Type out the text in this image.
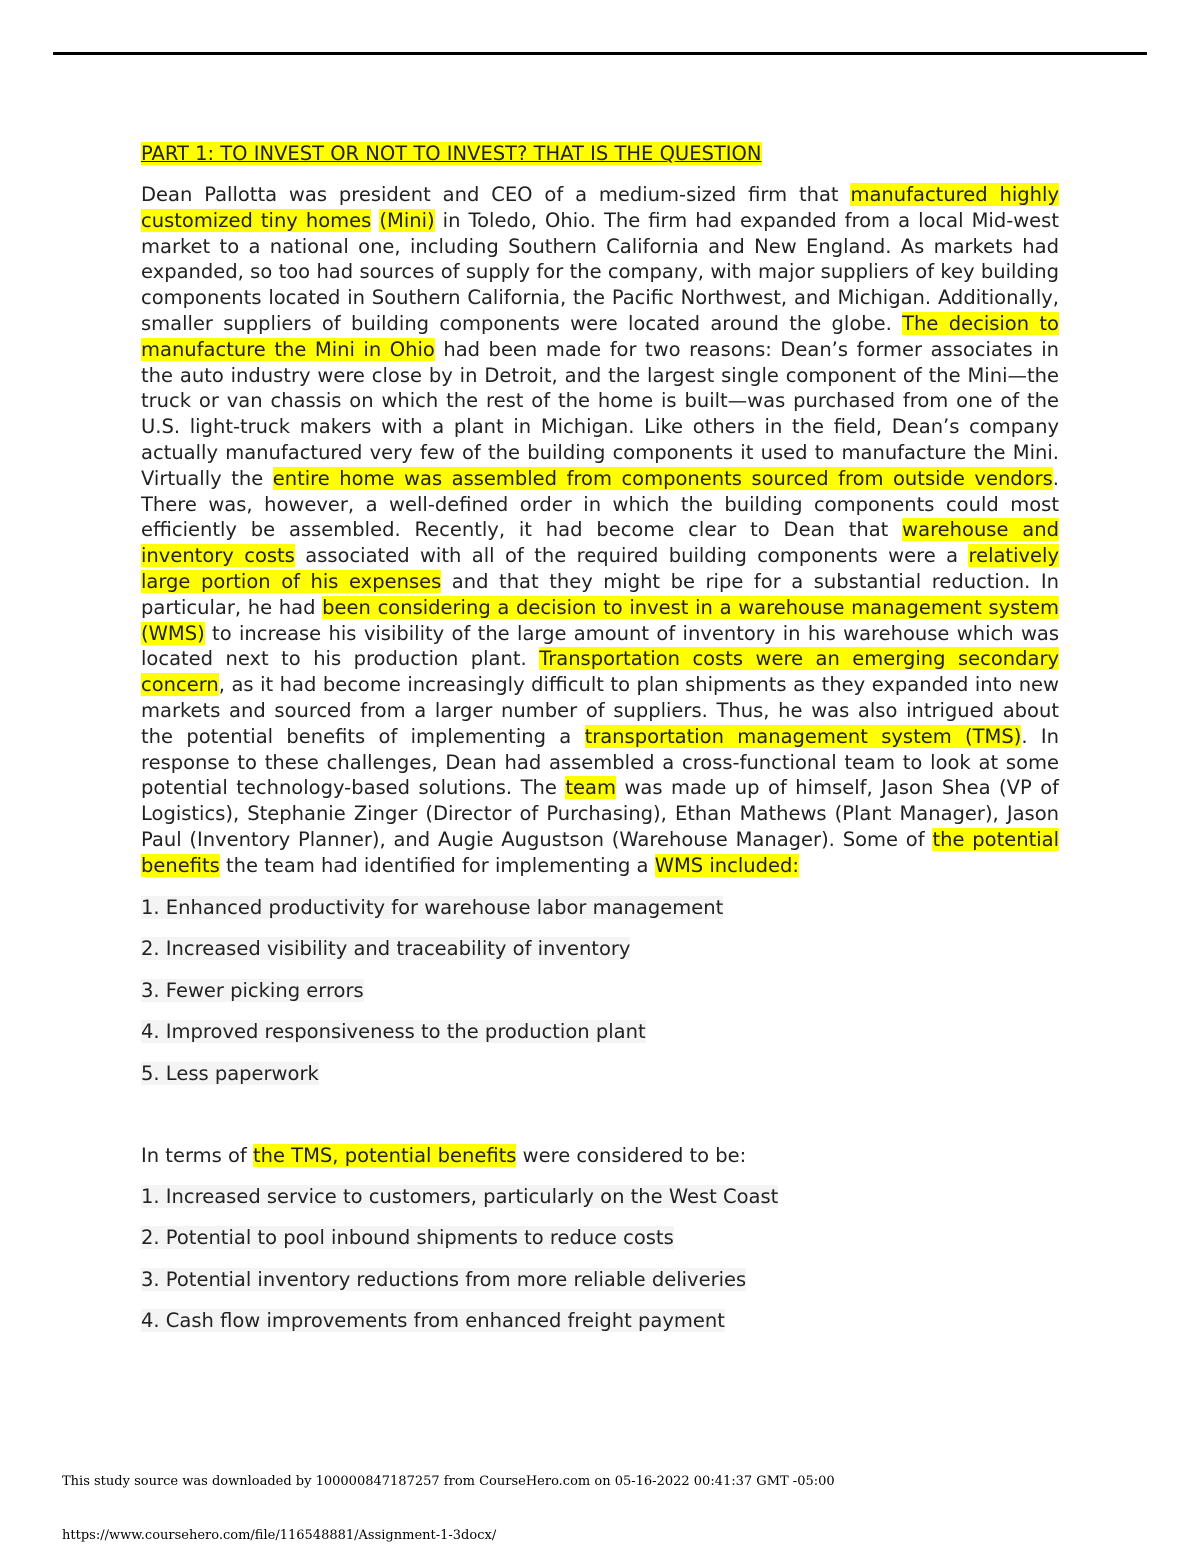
PART 1: TO INVEST OR NOT TO INVEST? THAT IS THE QUESTION

Dean Pallotta was president and CEO of a medium-sized firm that manufactured highly customized tiny homes (Mini) in Toledo, Ohio. The firm had expanded from a local Mid-west market to a national one, including Southern California and New England. As markets had expanded, so too had sources of supply for the company, with major suppliers of key building components located in Southern California, the Pacific Northwest, and Michigan. Additionally, smaller suppliers of building components were located around the globe. The decision to manufacture the Mini in Ohio had been made for two reasons: Dean’s former associates in the auto industry were close by in Detroit, and the largest single component of the Mini—the truck or van chassis on which the rest of the home is built—was purchased from one of the U.S. light-truck makers with a plant in Michigan. Like others in the field, Dean’s company actually manufactured very few of the building components it used to manufacture the Mini. Virtually the entire home was assembled from components sourced from outside vendors. There was, however, a well-defined order in which the building components could most efficiently be assembled. Recently, it had become clear to Dean that warehouse and inventory costs associated with all of the required building components were a relatively large portion of his expenses and that they might be ripe for a substantial reduction. In particular, he had been considering a decision to invest in a warehouse management system (WMS) to increase his visibility of the large amount of inventory in his warehouse which was located next to his production plant. Transportation costs were an emerging secondary concern, as it had become increasingly difficult to plan shipments as they expanded into new markets and sourced from a larger number of suppliers. Thus, he was also intrigued about the potential benefits of implementing a transportation management system (TMS). In response to these challenges, Dean had assembled a cross-functional team to look at some potential technology-based solutions. The team was made up of himself, Jason Shea (VP of Logistics), Stephanie Zinger (Director of Purchasing), Ethan Mathews (Plant Manager), Jason Paul (Inventory Planner), and Augie Augustson (Warehouse Manager). Some of the potential benefits the team had identified for implementing a WMS included:

1. Enhanced productivity for warehouse labor management
2. Increased visibility and traceability of inventory
3. Fewer picking errors
4. Improved responsiveness to the production plant
5. Less paperwork

In terms of the TMS, potential benefits were considered to be:

1. Increased service to customers, particularly on the West Coast
2. Potential to pool inbound shipments to reduce costs
3. Potential inventory reductions from more reliable deliveries
4. Cash flow improvements from enhanced freight payment
This study source was downloaded by 100000847187257 from CourseHero.com on 05-16-2022 00:41:37 GMT -05:00
https://www.coursehero.com/file/116548881/Assignment-1-3docx/
